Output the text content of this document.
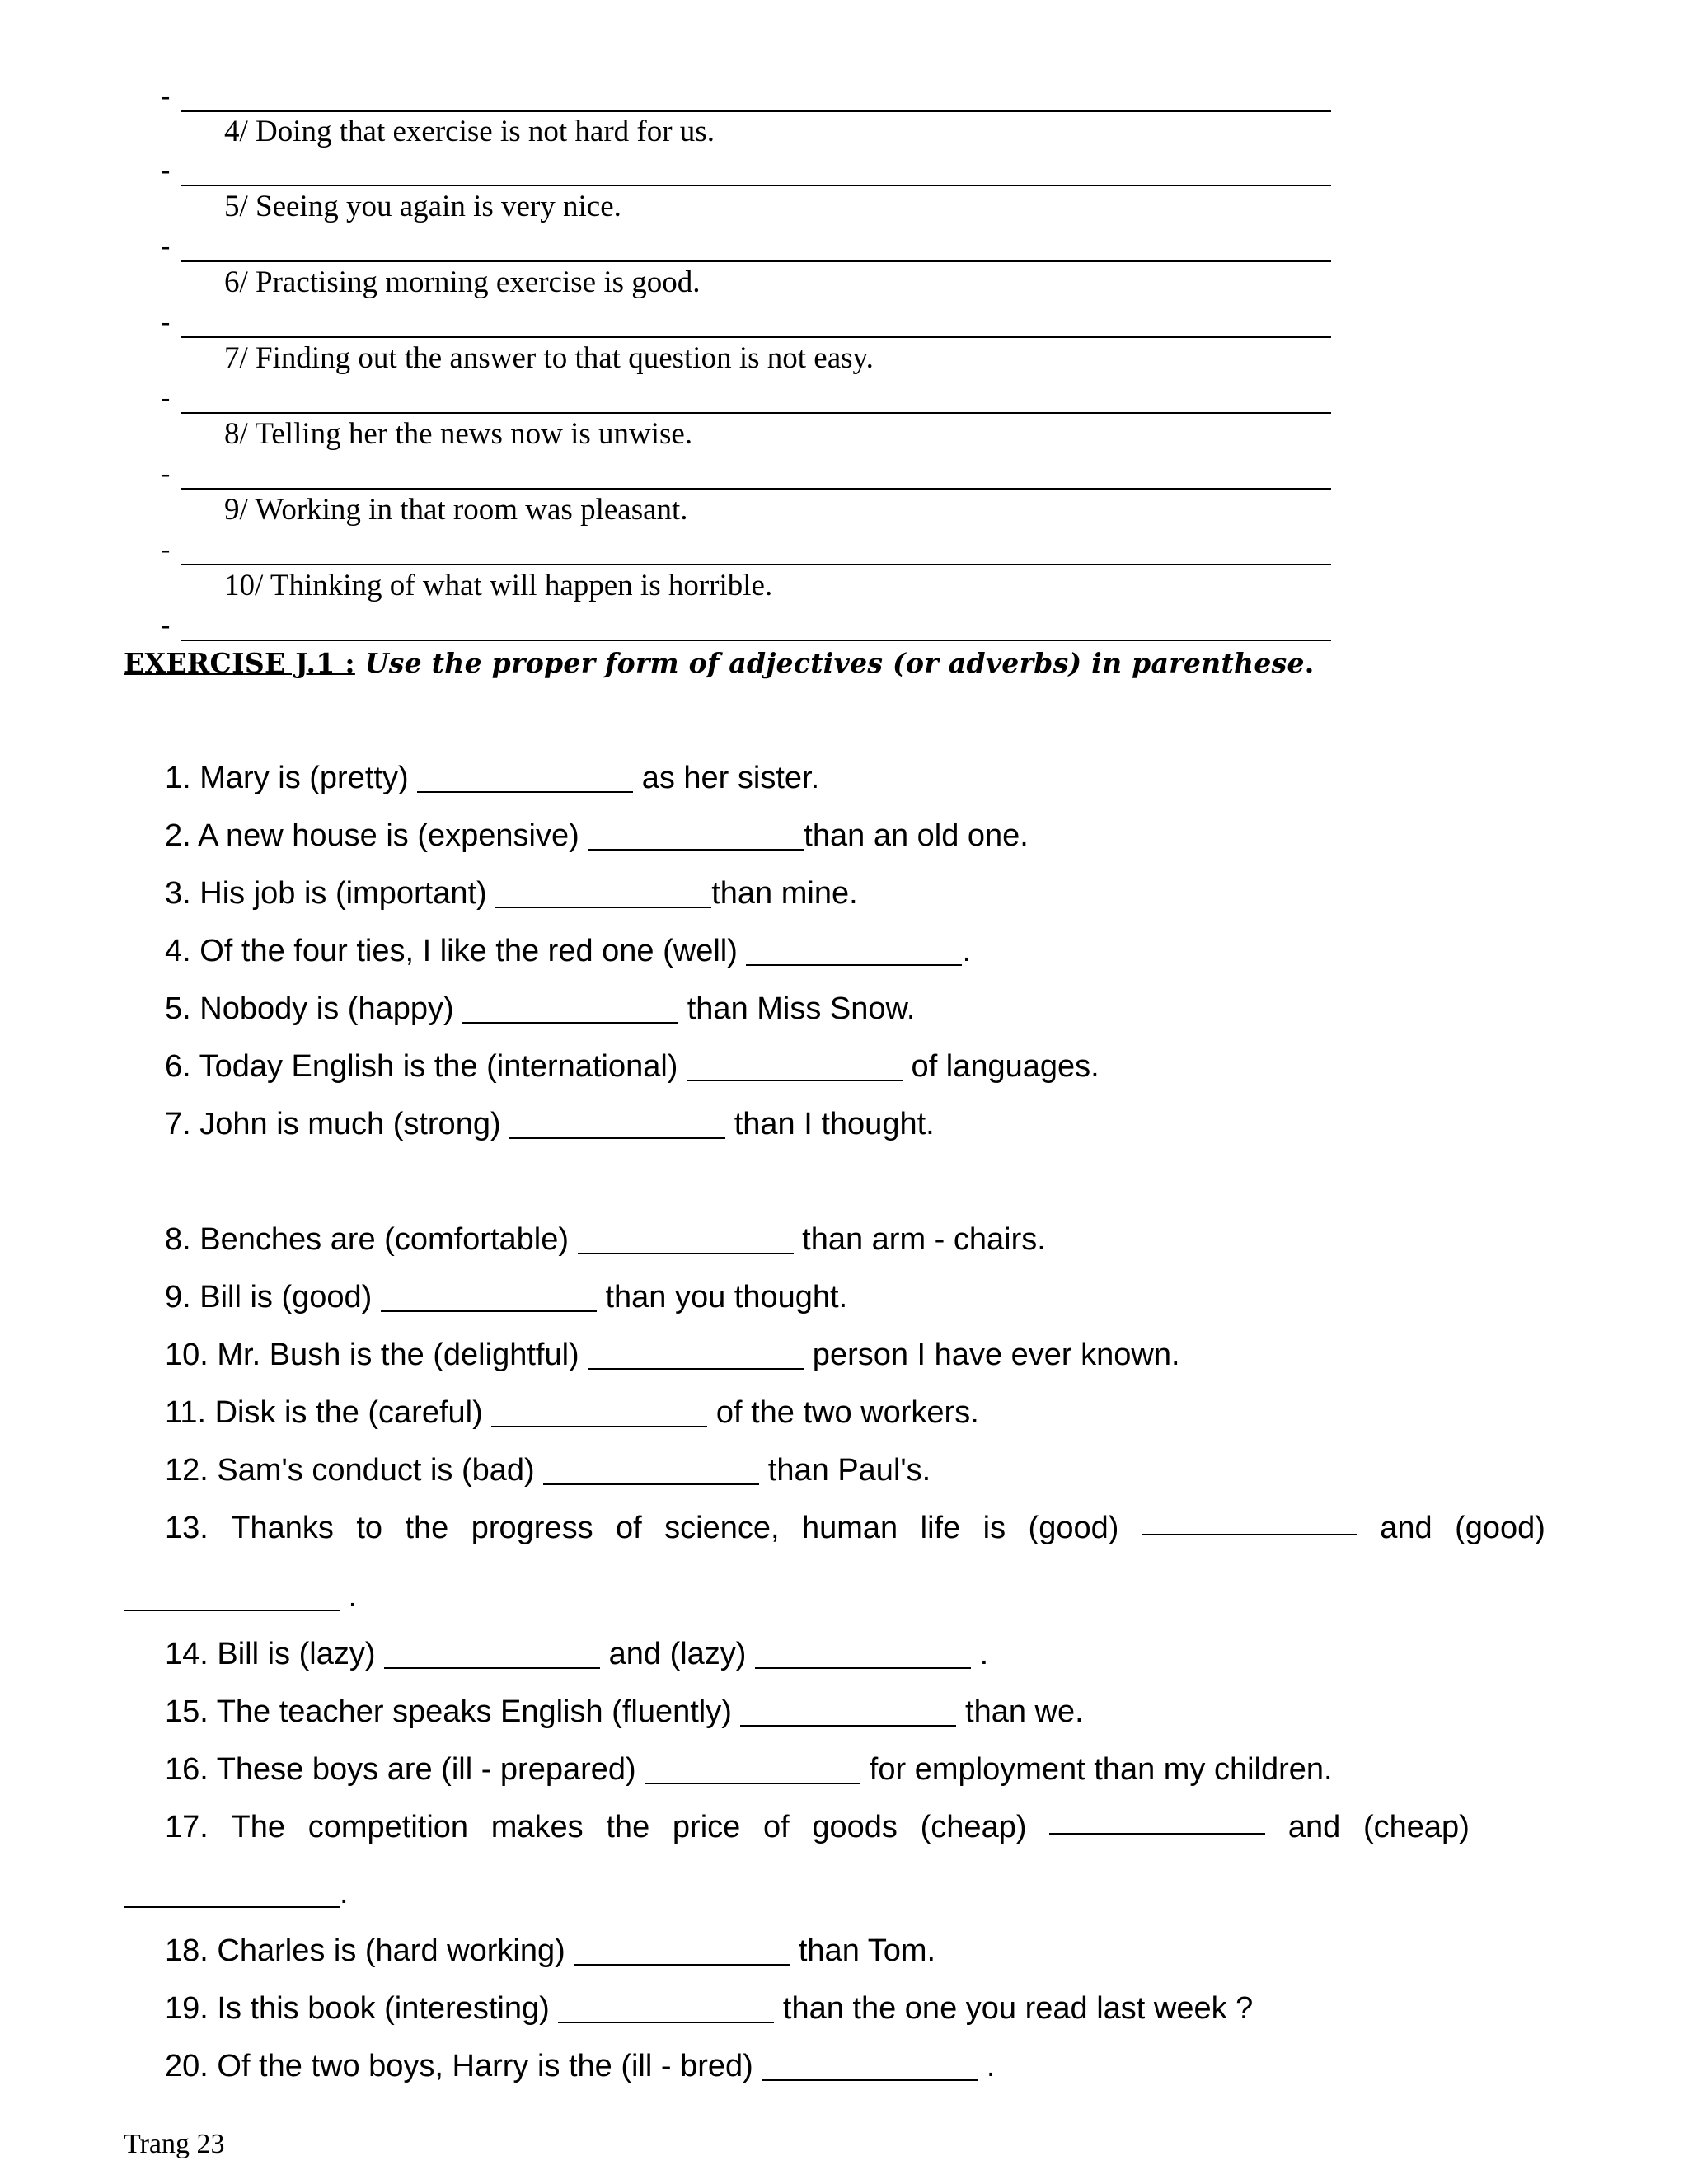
-
4/ Doing that exercise is not hard for us.
-
5/ Seeing you again is very nice.
-
6/ Practising morning exercise is good.
-
7/ Finding out the answer to that question is not easy.
-
8/ Telling her the news now is unwise.
-
9/ Working in that room was pleasant.
-
10/ Thinking of what will happen is horrible.
-
EXERCISE J.1 : Use the proper form of adjectives (or adverbs) in parenthese.
1. Mary is (pretty)	as her sister.
2. A new house is (expensive)	than an old one.
3. His job is (important)	than mine.
4. Of the four ties, I like the red one (well)	.
5. Nobody is (happy)	than Miss Snow.
6. Today English is the (international)	of languages.
7. John is much (strong)	than I thought.
8. Benches are (comfortable)	than arm - chairs.
9. Bill is (good)	than you thought.
10. Mr. Bush is the (delightful)	person I have ever known.
11. Disk is the (careful)	of the two workers.
12. Sam's conduct is (bad)	than Paul's.
13. Thanks to the progress of science, human life is (good)	and (good)
.
14. Bill is (lazy)	and (lazy)	.
15. The teacher speaks English (fluently)	than we.
16. These boys are (ill - prepared)	for employment than my children.
17. The competition makes the price of goods (cheap)	and (cheap)
.
18. Charles is (hard working)	than Tom.
19. Is this book (interesting)	than the one you read last week ?
20. Of the two boys, Harry is the (ill - bred)	.
Trang 23
